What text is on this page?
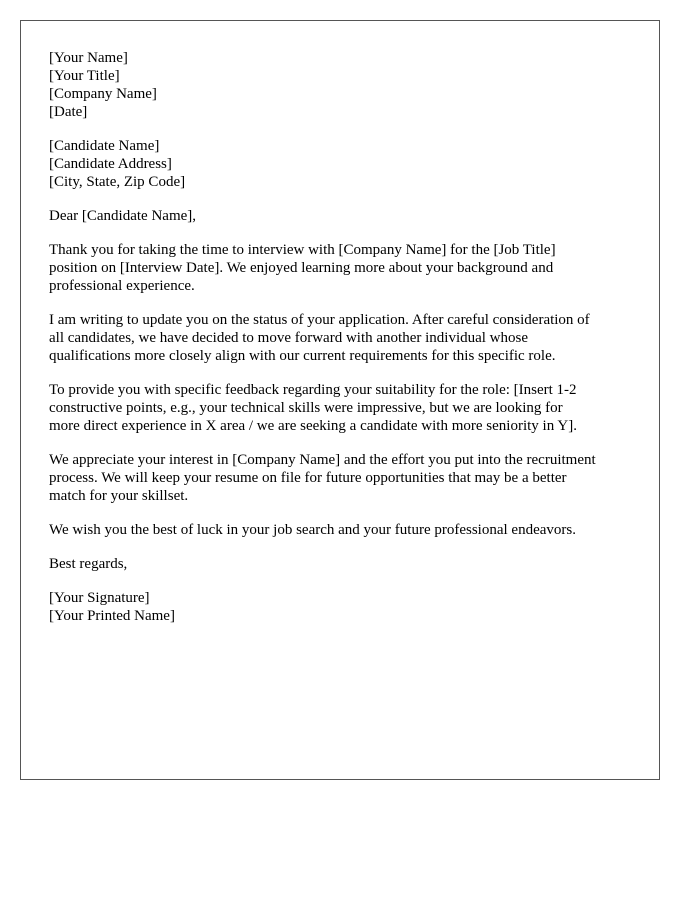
[Your Name]
[Your Title]
[Company Name]
[Date]
[Candidate Name]
[Candidate Address]
[City, State, Zip Code]

Dear [Candidate Name],

Thank you for taking the time to interview with [Company Name] for the [Job Title]
position on [Interview Date]. We enjoyed learning more about your background and
professional experience.

I am writing to update you on the status of your application. After careful consideration of
all candidates, we have decided to move forward with another individual whose
qualifications more closely align with our current requirements for this specific role.

To provide you with specific feedback regarding your suitability for the role: [Insert 1-2
constructive points, e.g., your technical skills were impressive, but we are looking for
more direct experience in X area / we are seeking a candidate with more seniority in Y].

We appreciate your interest in [Company Name] and the effort you put into the recruitment
process. We will keep your resume on file for future opportunities that may be a better
match for your skillset.

We wish you the best of luck in your job search and your future professional endeavors.

Best regards,

[Your Signature]
[Your Printed Name]
